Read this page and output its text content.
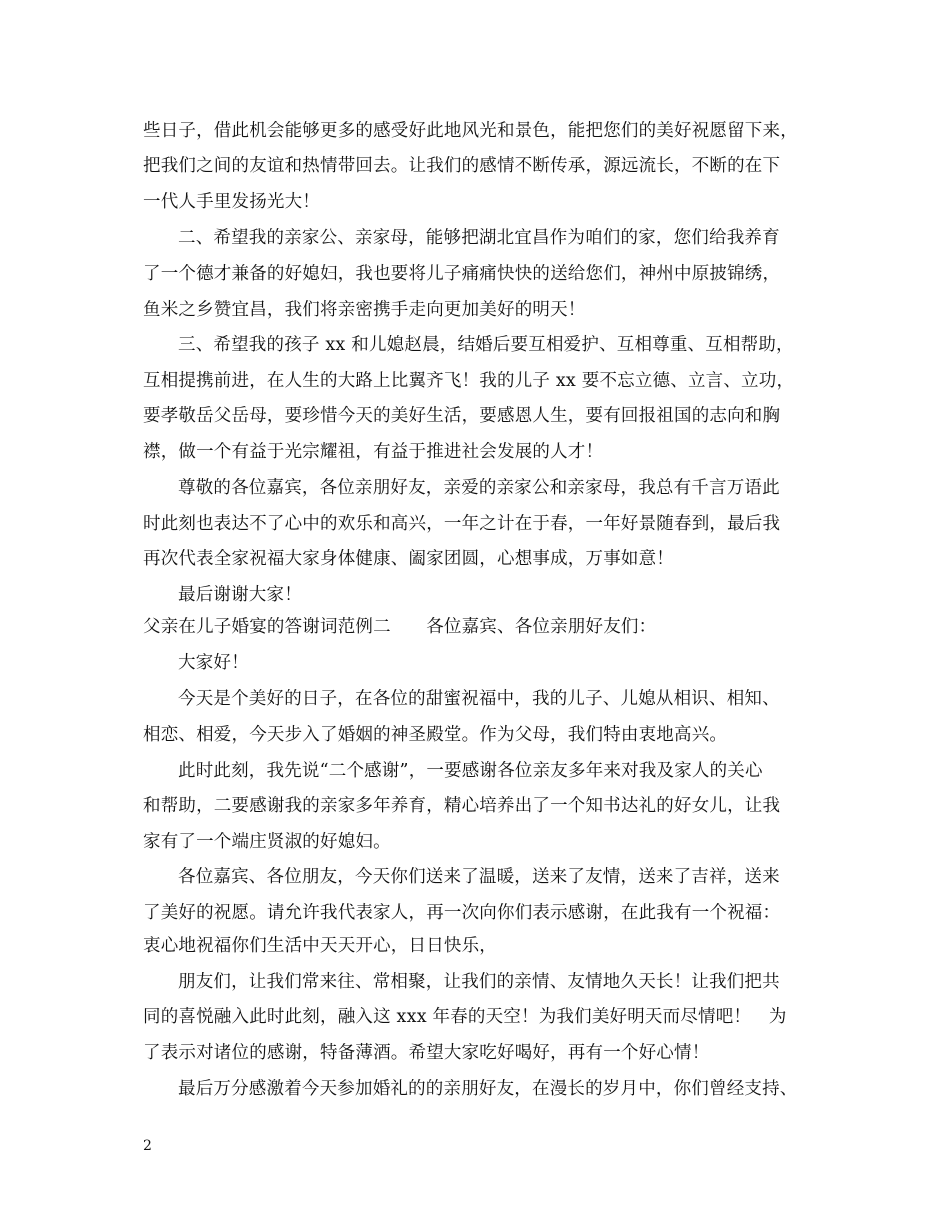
些日子，借此机会能够更多的感受好此地风光和景色，能把您们的美好祝愿留下来，
把我们之间的友谊和热情带回去。让我们的感情不断传承，源远流长，不断的在下
一代人手里发扬光大！
二、希望我的亲家公、亲家母，能够把湖北宜昌作为咱们的家，您们给我养育
了一个德才兼备的好媳妇，我也要将儿子痛痛快快的送给您们，神州中原披锦绣，
鱼米之乡赞宜昌，我们将亲密携手走向更加美好的明天！
三、希望我的孩子 xx 和儿媳赵晨，结婚后要互相爱护、互相尊重、互相帮助，
互相提携前进，在人生的大路上比翼齐飞！我的儿子 xx 要不忘立德、立言、立功，
要孝敬岳父岳母，要珍惜今天的美好生活，要感恩人生，要有回报祖国的志向和胸
襟，做一个有益于光宗耀祖，有益于推进社会发展的人才！
尊敬的各位嘉宾，各位亲朋好友，亲爱的亲家公和亲家母，我总有千言万语此
时此刻也表达不了心中的欢乐和高兴，一年之计在于春，一年好景随春到，最后我
再次代表全家祝福大家身体健康、阖家团圆，心想事成，万事如意！
最后谢谢大家！
父亲在儿子婚宴的答谢词范例二　　各位嘉宾、各位亲朋好友们：
大家好！
今天是个美好的日子，在各位的甜蜜祝福中，我的儿子、儿媳从相识、相知、
相恋、相爱，今天步入了婚姻的神圣殿堂。作为父母，我们特由衷地高兴。
此时此刻，我先说“二个感谢”，一要感谢各位亲友多年来对我及家人的关心
和帮助，二要感谢我的亲家多年养育，精心培养出了一个知书达礼的好女儿，让我
家有了一个端庄贤淑的好媳妇。
各位嘉宾、各位朋友，今天你们送来了温暖，送来了友情，送来了吉祥，送来
了美好的祝愿。请允许我代表家人，再一次向你们表示感谢，在此我有一个祝福：
衷心地祝福你们生活中天天开心，日日快乐，
朋友们，让我们常来往、常相聚，让我们的亲情、友情地久天长！让我们把共
同的喜悦融入此时此刻，融入这 xxx 年春的天空！为我们美好明天而尽情吧！　为
了表示对诸位的感谢，特备薄酒。希望大家吃好喝好，再有一个好心情！
最后万分感激着今天参加婚礼的的亲朋好友，在漫长的岁月中，你们曾经支持、
2
